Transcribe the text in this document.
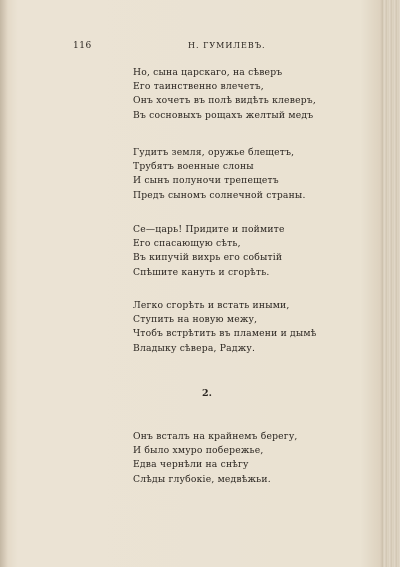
116	Н. ГУМИЛЕВЪ.
Но, сына царскаго, на сѣверъ
Его таинственно влечетъ,
Онъ хочетъ въ полѣ видѣть клеверъ,
Въ сосновыхъ рощахъ желтый медъ
Гудитъ земля, оружье блещетъ,
Трубятъ военные слоны
И сынъ полуночи трепещетъ
Предъ сыномъ солнечной страны.
Се—царь! Придите и поймите
Его спасающую сѣть,
Въ кипучій вихрь его событій
Спѣшите кануть и сгорѣть.
Легко сгорѣть и встать иными,
Ступить на новую межу,
Чтобъ встрѣтить въ пламени и дымѣ
Владыку сѣвера, Раджу.
2.
Онъ всталъ на крайнемъ берегу,
И было хмуро побережье,
Едва чернѣли на снѣгу
Слѣды глубокіе, медвѣжьи.
